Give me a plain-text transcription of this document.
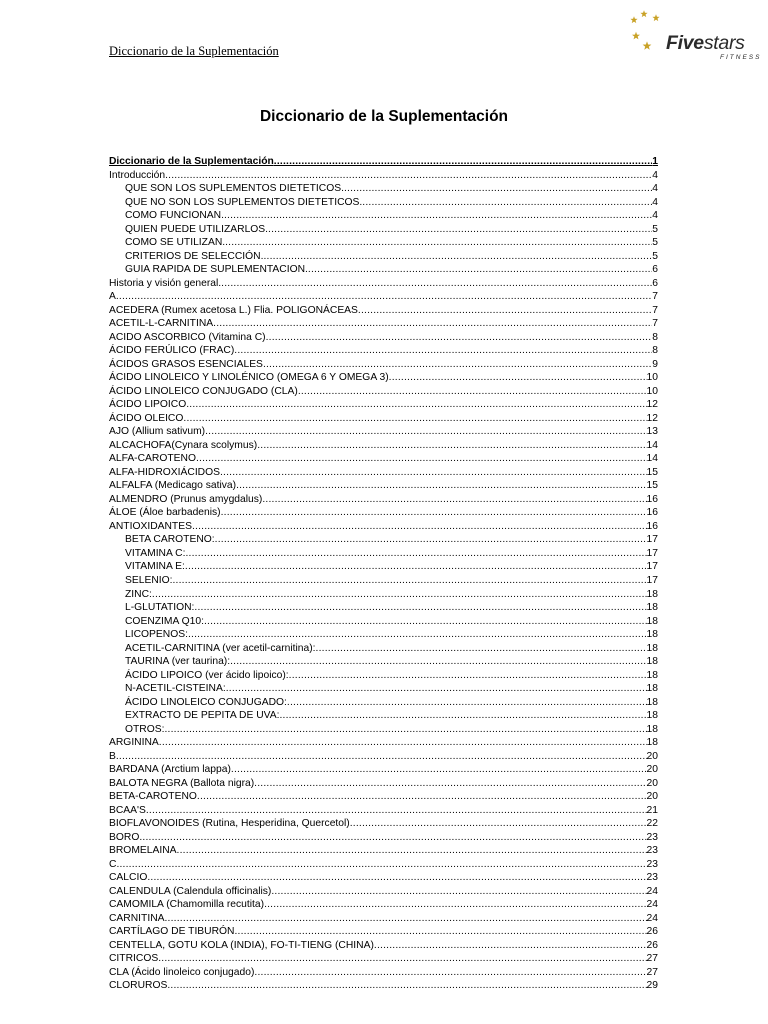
Diccionario de la Suplementación	Fivestars
FITNESS
Diccionario de la Suplementación
Diccionario de la Suplementación .....	1
Introducción .....	4
QUE SON LOS SUPLEMENTOS DIETETICOS. .....	4
QUE NO SON LOS SUPLEMENTOS DIETETICOS. .....	4
COMO FUNCIONAN. .....	4
QUIEN PUEDE UTILIZARLOS. .....	5
COMO SE UTILIZAN. .....	5
CRITERIOS DE SELECCIÓN. .....	5
GUIA RAPIDA DE SUPLEMENTACION. .....	6
Historia y visión general. .....	6
A .....	7
ACEDERA (Rumex acetosa L.) Flia. POLIGONÁCEAS .....	7
ACETIL-L-CARNITINA .....	7
ACIDO ASCORBICO (Vitamina C) .....	8
ÁCIDO FERÚLICO (FRAC) .....	8
ÁCIDOS GRASOS ESENCIALES .....	9
ÁCIDO LINOLEICO Y LINOLÉNICO (OMEGA 6 Y OMEGA 3) .....	10
ÁCIDO LINOLEICO CONJUGADO (CLA) .....	10
ÁCIDO LIPOICO .....	12
ÁCIDO OLEICO .....	12
AJO (Allium sativum) .....	13
ALCACHOFA(Cynara scolymus) .....	14
ALFA-CAROTENO .....	14
ALFA-HIDROXIÁCIDOS .....	15
ALFALFA (Medicago sativa) .....	15
ALMENDRO (Prunus amygdalus) .....	16
ÁLOE (Áloe barbadenis) .....	16
ANTIOXIDANTES .....	16
BETA CAROTENO: .....	17
VITAMINA C: .....	17
VITAMINA E: .....	17
SELENIO: .....	17
ZINC: .....	18
L-GLUTATION: .....	18
COENZIMA Q10: .....	18
LICOPENOS: .....	18
ACETIL-CARNITINA (ver acetil-carnitina): .....	18
TAURINA (ver taurina): .....	18
ÁCIDO LIPOICO (ver ácido lipoico): .....	18
N-ACETIL-CISTEINA: .....	18
ÁCIDO LINOLEICO CONJUGADO: .....	18
EXTRACTO DE PEPITA DE UVA: .....	18
OTROS: .....	18
ARGININA .....	18
B .....	20
BARDANA (Arctium lappa) .....	20
BALOTA NEGRA (Ballota nigra) .....	20
BETA-CAROTENO .....	20
BCAA'S .....	21
BIOFLAVONOIDES (Rutina, Hesperidina, Quercetol) .....	22
BORO .....	23
BROMELAINA .....	23
C .....	23
CALCIO .....	23
CALENDULA (Calendula officinalis) .....	24
CAMOMILA (Chamomilla recutita) .....	24
CARNITINA .....	24
CARTÍLAGO DE TIBURÓN .....	26
CENTELLA, GOTU KOLA (INDIA), FO-TI-TIENG (CHINA) .....	26
CITRICOS .....	27
CLA (Ácido linoleico conjugado) .....	27
CLORUROS .....	29
